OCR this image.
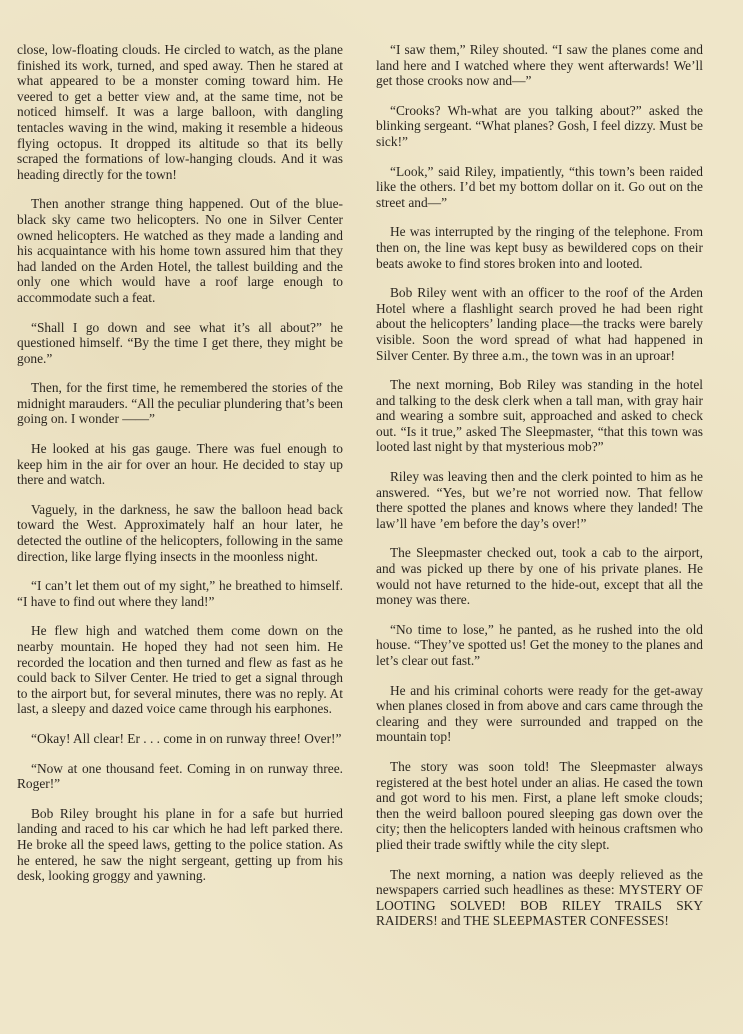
close, low-floating clouds. He circled to watch, as the plane finished its work, turned, and sped away. Then he stared at what appeared to be a monster coming toward him. He veered to get a better view and, at the same time, not be noticed himself. It was a large balloon, with dangling tentacles waving in the wind, making it resemble a hideous flying octopus. It dropped its altitude so that its belly scraped the formations of low-hanging clouds. And it was heading directly for the town!

Then another strange thing happened. Out of the blue-black sky came two helicopters. No one in Silver Center owned helicopters. He watched as they made a landing and his acquaintance with his home town assured him that they had landed on the Arden Hotel, the tallest building and the only one which would have a roof large enough to accommodate such a feat.

“Shall I go down and see what it’s all about?” he questioned himself. “By the time I get there, they might be gone.”

Then, for the first time, he remembered the stories of the midnight marauders. “All the peculiar plundering that’s been going on. I wonder ——”

He looked at his gas gauge. There was fuel enough to keep him in the air for over an hour. He decided to stay up there and watch.

Vaguely, in the darkness, he saw the balloon head back toward the West. Approximately half an hour later, he detected the outline of the helicopters, following in the same direction, like large flying insects in the moonless night.

“I can’t let them out of my sight,” he breathed to himself. “I have to find out where they land!”

He flew high and watched them come down on the nearby mountain. He hoped they had not seen him. He recorded the location and then turned and flew as fast as he could back to Silver Center. He tried to get a signal through to the airport but, for several minutes, there was no reply. At last, a sleepy and dazed voice came through his earphones.

“Okay! All clear! Er . . . come in on runway three! Over!”

“Now at one thousand feet. Coming in on runway three. Roger!”

Bob Riley brought his plane in for a safe but hurried landing and raced to his car which he had left parked there. He broke all the speed laws, getting to the police station. As he entered, he saw the night sergeant, getting up from his desk, looking groggy and yawning.

“I saw them,” Riley shouted. “I saw the planes come and land here and I watched where they went afterwards! We’ll get those crooks now and—”

“Crooks? Wh-what are you talking about?” asked the blinking sergeant. “What planes? Gosh, I feel dizzy. Must be sick!”

“Look,” said Riley, impatiently, “this town’s been raided like the others. I’d bet my bottom dollar on it. Go out on the street and—”

He was interrupted by the ringing of the telephone. From then on, the line was kept busy as bewildered cops on their beats awoke to find stores broken into and looted.

Bob Riley went with an officer to the roof of the Arden Hotel where a flashlight search proved he had been right about the helicopters’ landing place—the tracks were barely visible. Soon the word spread of what had happened in Silver Center. By three a.m., the town was in an uproar!

The next morning, Bob Riley was standing in the hotel and talking to the desk clerk when a tall man, with gray hair and wearing a sombre suit, approached and asked to check out. “Is it true,” asked The Sleepmaster, “that this town was looted last night by that mysterious mob?”

Riley was leaving then and the clerk pointed to him as he answered. “Yes, but we’re not worried now. That fellow there spotted the planes and knows where they landed! The law’ll have ’em before the day’s over!”

The Sleepmaster checked out, took a cab to the airport, and was picked up there by one of his private planes. He would not have returned to the hide-out, except that all the money was there.

“No time to lose,” he panted, as he rushed into the old house. “They’ve spotted us! Get the money to the planes and let’s clear out fast.”

He and his criminal cohorts were ready for the get-away when planes closed in from above and cars came through the clearing and they were surrounded and trapped on the mountain top!

The story was soon told! The Sleepmaster always registered at the best hotel under an alias. He cased the town and got word to his men. First, a plane left smoke clouds; then the weird balloon poured sleeping gas down over the city; then the helicopters landed with heinous craftsmen who plied their trade swiftly while the city slept.

The next morning, a nation was deeply relieved as the newspapers carried such headlines as these: MYSTERY OF LOOTING SOLVED! BOB RILEY TRAILS SKY RAIDERS! and THE SLEEPMASTER CONFESSES!
